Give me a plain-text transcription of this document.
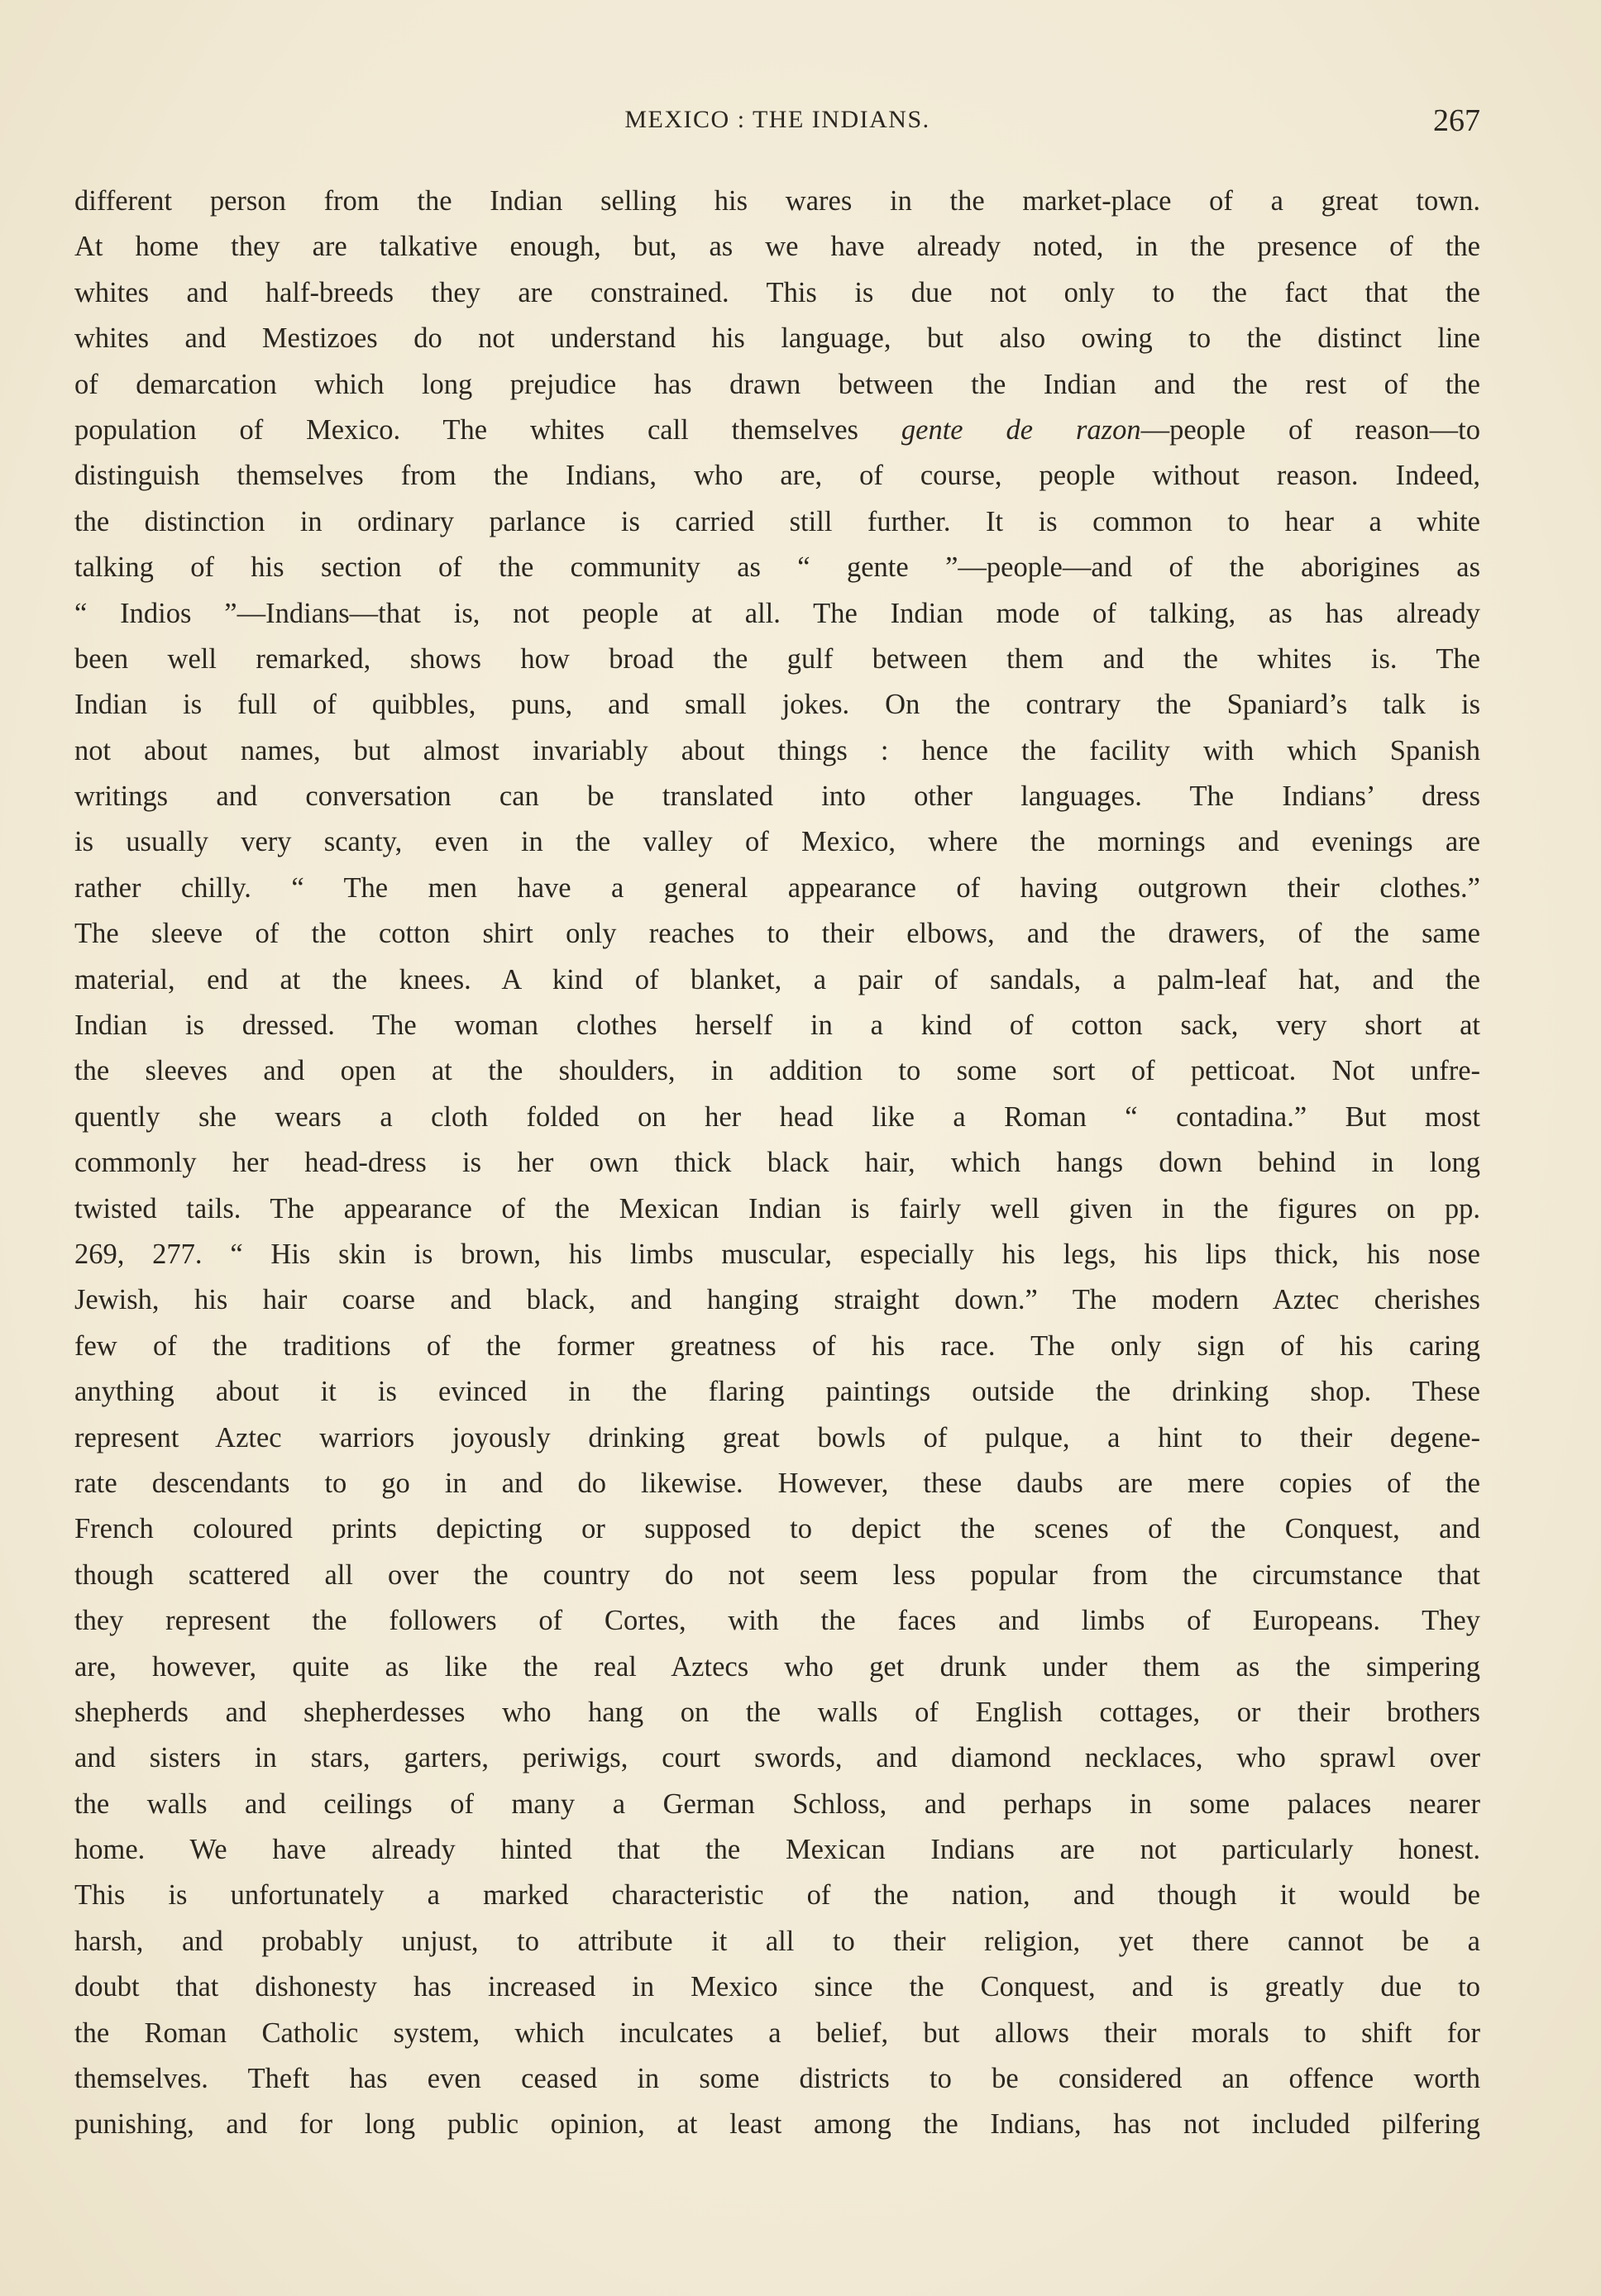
MEXICO : THE INDIANS.	267
different person from the Indian selling his wares in the market-place of a great town.
At home they are talkative enough, but, as we have already noted, in the presence of the
whites and half-breeds they are constrained. This is due not only to the fact that the
whites and Mestizoes do not understand his language, but also owing to the distinct line
of demarcation which long prejudice has drawn between the Indian and the rest of the
population of Mexico. The whites call themselves gente de razon—people of reason—to
distinguish themselves from the Indians, who are, of course, people without reason. Indeed,
the distinction in ordinary parlance is carried still further. It is common to hear a white
talking of his section of the community as “ gente ”—people—and of the aborigines as
“ Indios ”—Indians—that is, not people at all. The Indian mode of talking, as has already
been well remarked, shows how broad the gulf between them and the whites is. The
Indian is full of quibbles, puns, and small jokes. On the contrary the Spaniard’s talk is
not about names, but almost invariably about things : hence the facility with which Spanish
writings and conversation can be translated into other languages. The Indians’ dress
is usually very scanty, even in the valley of Mexico, where the mornings and evenings are
rather chilly. “ The men have a general appearance of having outgrown their clothes.”
The sleeve of the cotton shirt only reaches to their elbows, and the drawers, of the same
material, end at the knees. A kind of blanket, a pair of sandals, a palm-leaf hat, and the
Indian is dressed. The woman clothes herself in a kind of cotton sack, very short at
the sleeves and open at the shoulders, in addition to some sort of petticoat. Not unfre-
quently she wears a cloth folded on her head like a Roman “ contadina.” But most
commonly her head-dress is her own thick black hair, which hangs down behind in long
twisted tails. The appearance of the Mexican Indian is fairly well given in the figures on pp.
269, 277. “ His skin is brown, his limbs muscular, especially his legs, his lips thick, his nose
Jewish, his hair coarse and black, and hanging straight down.” The modern Aztec cherishes
few of the traditions of the former greatness of his race. The only sign of his caring
anything about it is evinced in the flaring paintings outside the drinking shop. These
represent Aztec warriors joyously drinking great bowls of pulque, a hint to their degene-
rate descendants to go in and do likewise. However, these daubs are mere copies of the
French coloured prints depicting or supposed to depict the scenes of the Conquest, and
though scattered all over the country do not seem less popular from the circumstance that
they represent the followers of Cortes, with the faces and limbs of Europeans. They
are, however, quite as like the real Aztecs who get drunk under them as the simpering
shepherds and shepherdesses who hang on the walls of English cottages, or their brothers
and sisters in stars, garters, periwigs, court swords, and diamond necklaces, who sprawl over
the walls and ceilings of many a German Schloss, and perhaps in some palaces nearer
home. We have already hinted that the Mexican Indians are not particularly honest.
This is unfortunately a marked characteristic of the nation, and though it would be
harsh, and probably unjust, to attribute it all to their religion, yet there cannot be a
doubt that dishonesty has increased in Mexico since the Conquest, and is greatly due to
the Roman Catholic system, which inculcates a belief, but allows their morals to shift for
themselves. Theft has even ceased in some districts to be considered an offence worth
punishing, and for long public opinion, at least among the Indians, has not included pilfering
